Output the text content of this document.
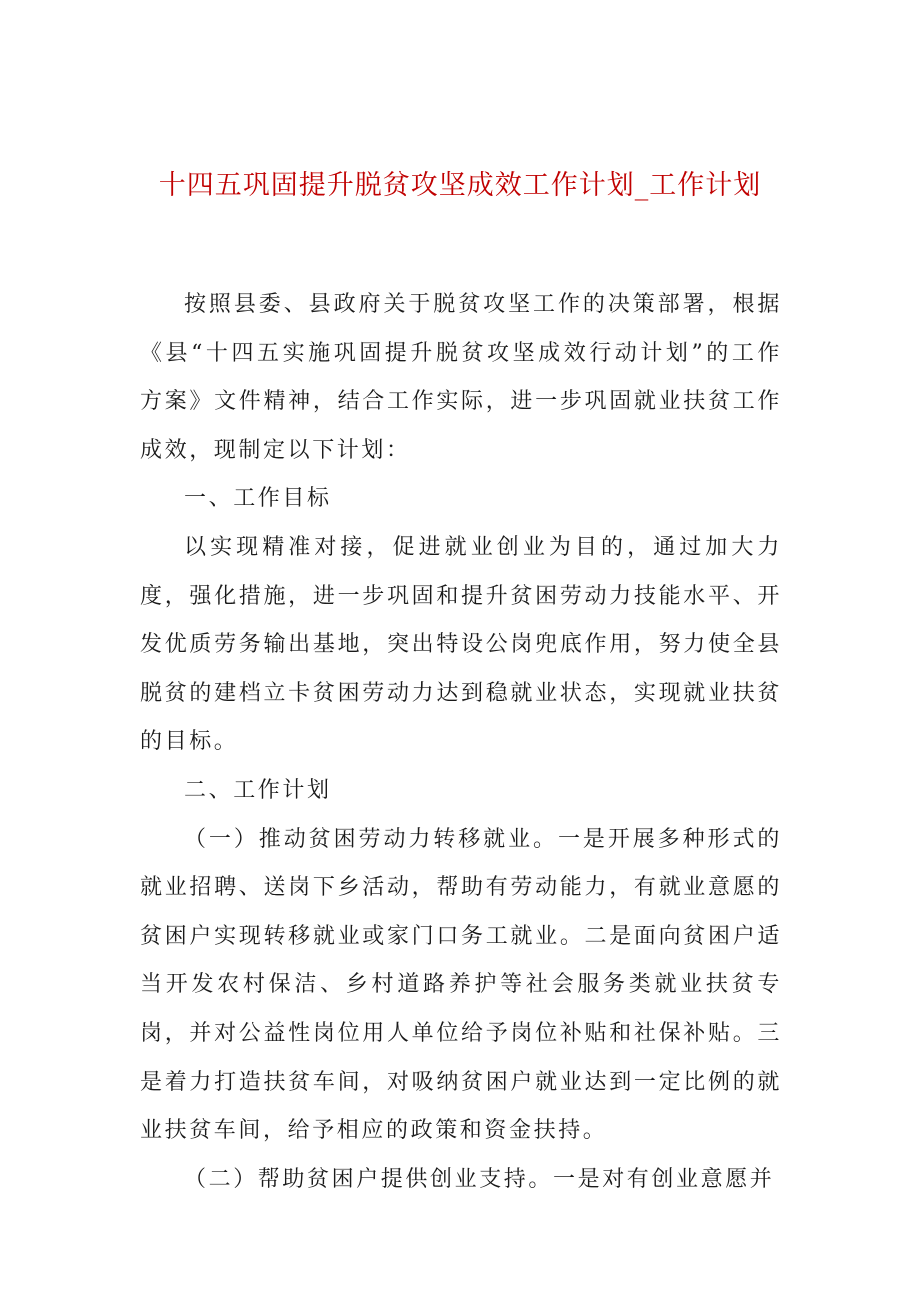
十四五巩固提升脱贫攻坚成效工作计划_工作计划

按照县委、县政府关于脱贫攻坚工作的决策部署，根据《县“十四五实施巩固提升脱贫攻坚成效行动计划”的工作方案》文件精神，结合工作实际，进一步巩固就业扶贫工作成效，现制定以下计划：

一、工作目标

以实现精准对接，促进就业创业为目的，通过加大力度，强化措施，进一步巩固和提升贫困劳动力技能水平、开发优质劳务输出基地，突出特设公岗兜底作用，努力使全县脱贫的建档立卡贫困劳动力达到稳就业状态，实现就业扶贫的目标。

二、工作计划

（一）推动贫困劳动力转移就业。一是开展多种形式的就业招聘、送岗下乡活动，帮助有劳动能力，有就业意愿的贫困户实现转移就业或家门口务工就业。二是面向贫困户适当开发农村保洁、乡村道路养护等社会服务类就业扶贫专岗，并对公益性岗位用人单位给予岗位补贴和社保补贴。三是着力打造扶贫车间，对吸纳贫困户就业达到一定比例的就业扶贫车间，给予相应的政策和资金扶持。

（二）帮助贫困户提供创业支持。一是对有创业意愿并
